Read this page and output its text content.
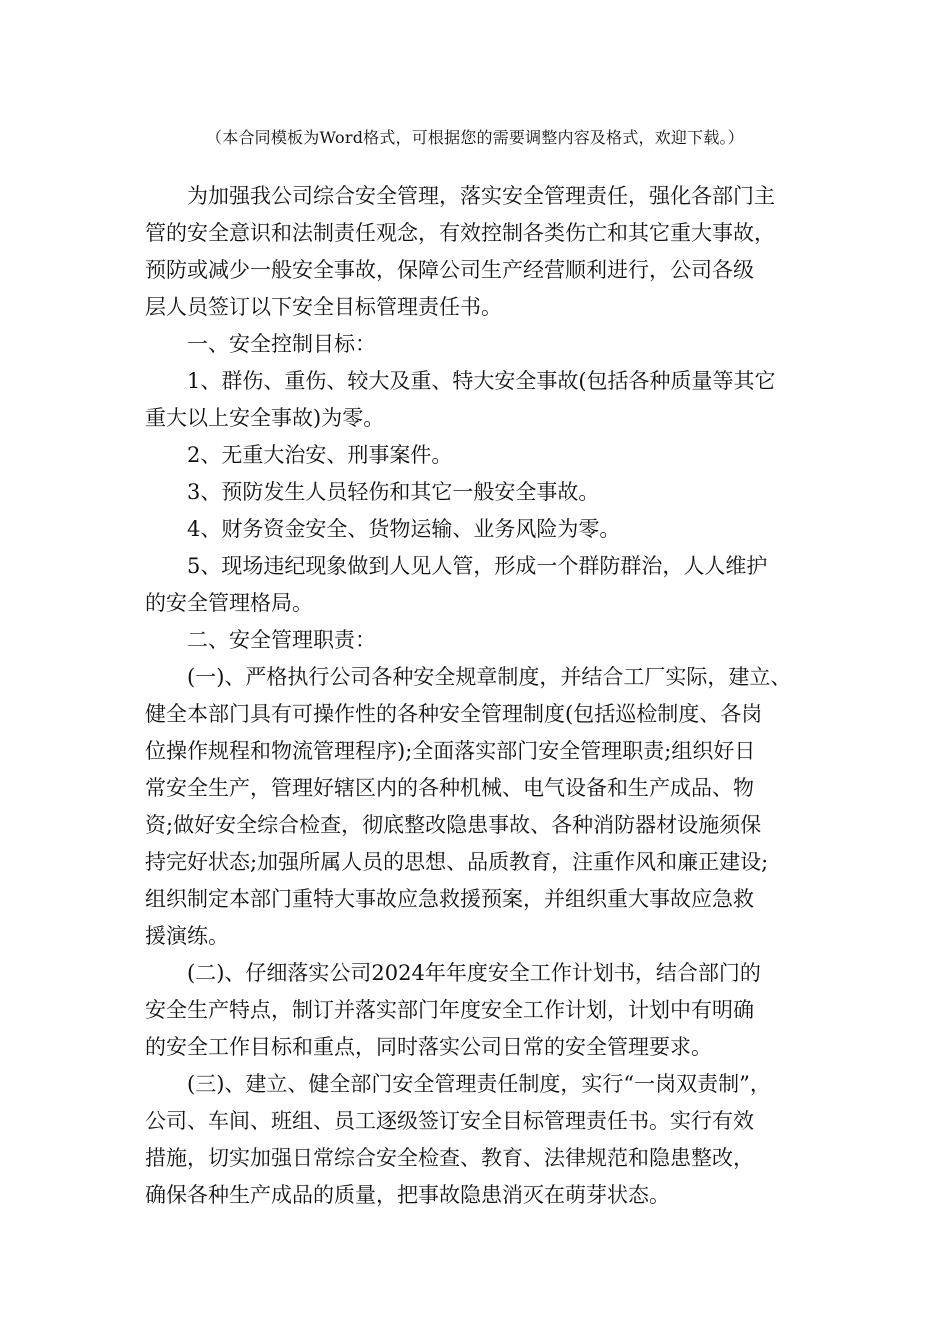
（本合同模板为Word格式，可根据您的需要调整内容及格式，欢迎下载。）

为加强我公司综合安全管理，落实安全管理责任，强化各部门主
管的安全意识和法制责任观念，有效控制各类伤亡和其它重大事故，
预防或减少一般安全事故，保障公司生产经营顺利进行，公司各级
层人员签订以下安全目标管理责任书。

一、安全控制目标：

1、群伤、重伤、较大及重、特大安全事故(包括各种质量等其它
重大以上安全事故)为零。

2、无重大治安、刑事案件。

3、预防发生人员轻伤和其它一般安全事故。

4、财务资金安全、货物运输、业务风险为零。

5、现场违纪现象做到人见人管，形成一个群防群治，人人维护
的安全管理格局。

二、安全管理职责：

(一)、严格执行公司各种安全规章制度，并结合工厂实际，建立、
健全本部门具有可操作性的各种安全管理制度(包括巡检制度、各岗
位操作规程和物流管理程序);全面落实部门安全管理职责;组织好日
常安全生产，管理好辖区内的各种机械、电气设备和生产成品、物
资;做好安全综合检查，彻底整改隐患事故、各种消防器材设施须保
持完好状态;加强所属人员的思想、品质教育，注重作风和廉正建设;
组织制定本部门重特大事故应急救援预案，并组织重大事故应急救
援演练。

(二)、仔细落实公司2024年年度安全工作计划书，结合部门的
安全生产特点，制订并落实部门年度安全工作计划，计划中有明确
的安全工作目标和重点，同时落实公司日常的安全管理要求。

(三)、建立、健全部门安全管理责任制度，实行“一岗双责制”，
公司、车间、班组、员工逐级签订安全目标管理责任书。实行有效
措施，切实加强日常综合安全检查、教育、法律规范和隐患整改，
确保各种生产成品的质量，把事故隐患消灭在萌芽状态。
